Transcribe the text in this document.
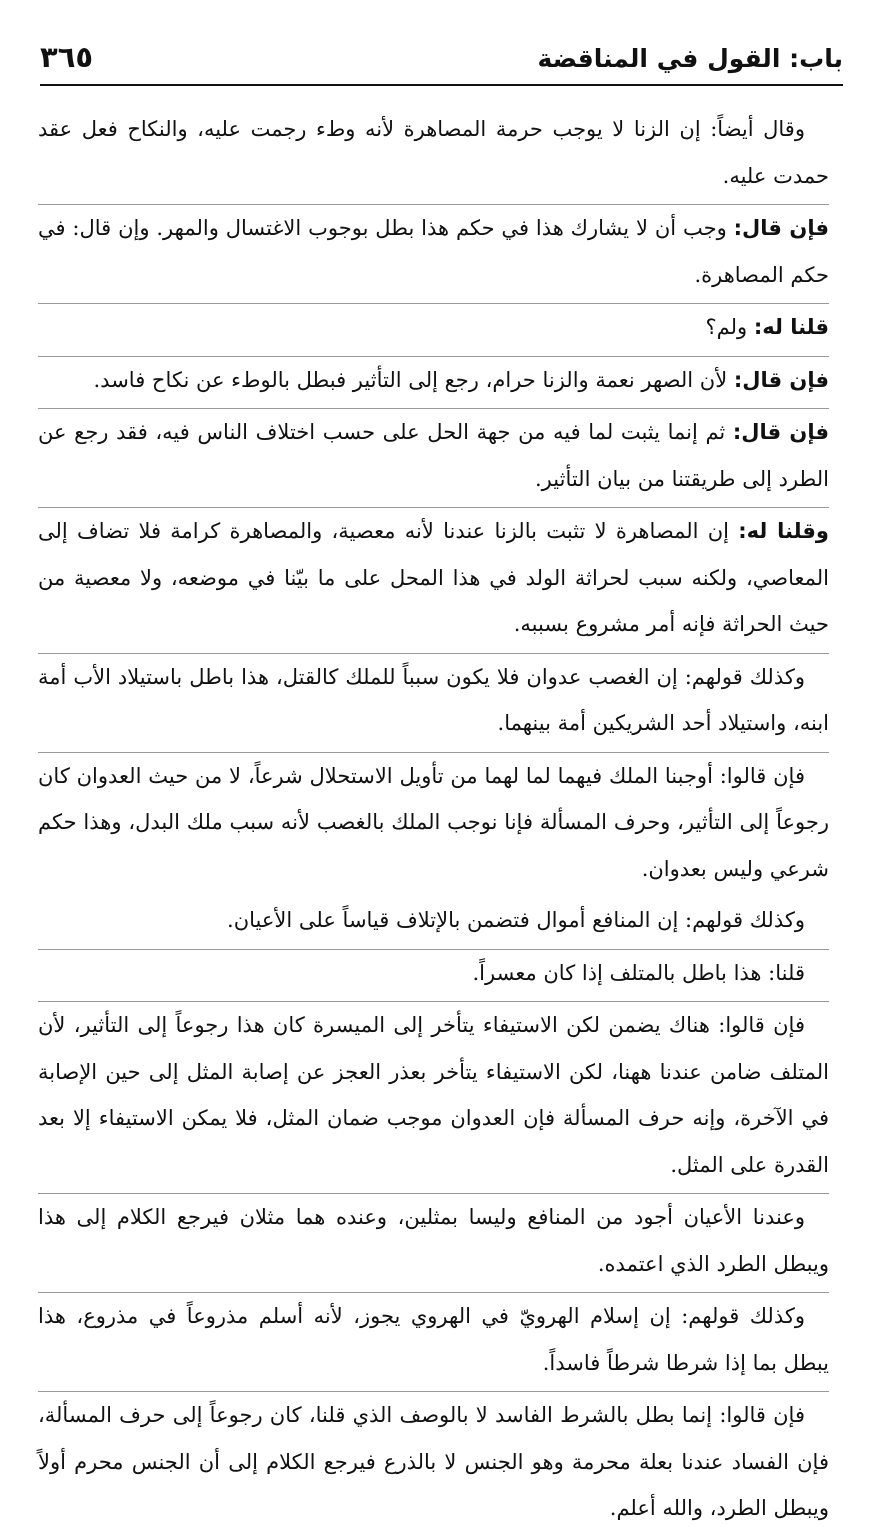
باب: القول في المناقضة
٣٦٥

وقال أيضاً: إن الزنا لا يوجب حرمة المصاهرة لأنه وطء رجمت عليه، والنكاح فعل عقد حمدت عليه.

فإن قال: وجب أن لا يشارك هذا في حكم هذا بطل بوجوب الاغتسال والمهر. وإن قال: في حكم المصاهرة.

قلنا له: ولم؟

فإن قال: لأن الصهر نعمة والزنا حرام، رجع إلى التأثير فبطل بالوطء عن نكاح فاسد.

فإن قال: ثم إنما يثبت لما فيه من جهة الحل على حسب اختلاف الناس فيه، فقد رجع عن الطرد إلى طريقتنا من بيان التأثير.

وقلنا له: إن المصاهرة لا تثبت بالزنا عندنا لأنه معصية، والمصاهرة كرامة فلا تضاف إلى المعاصي، ولكنه سبب لحراثة الولد في هذا المحل على ما بيّنا في موضعه، ولا معصية من حيث الحراثة فإنه أمر مشروع بسببه.

وكذلك قولهم: إن الغصب عدوان فلا يكون سبباً للملك كالقتل، هذا باطل باستيلاد الأب أمة ابنه، واستيلاد أحد الشريكين أمة بينهما.

فإن قالوا: أوجبنا الملك فيهما لما لهما من تأويل الاستحلال شرعاً، لا من حيث العدوان كان رجوعاً إلى التأثير، وحرف المسألة فإنا نوجب الملك بالغصب لأنه سبب ملك البدل، وهذا حكم شرعي وليس بعدوان.

وكذلك قولهم: إن المنافع أموال فتضمن بالإتلاف قياساً على الأعيان.

قلنا: هذا باطل بالمتلف إذا كان معسراً.

فإن قالوا: هناك يضمن لكن الاستيفاء يتأخر إلى الميسرة كان هذا رجوعاً إلى التأثير، لأن المتلف ضامن عندنا ههنا، لكن الاستيفاء يتأخر بعذر العجز عن إصابة المثل إلى حين الإصابة في الآخرة، وإنه حرف المسألة فإن العدوان موجب ضمان المثل، فلا يمكن الاستيفاء إلا بعد القدرة على المثل.

وعندنا الأعيان أجود من المنافع وليسا بمثلين، وعنده هما مثلان فيرجع الكلام إلى هذا ويبطل الطرد الذي اعتمده.

وكذلك قولهم: إن إسلام الهرويّ في الهروي يجوز، لأنه أسلم مذروعاً في مذروع، هذا يبطل بما إذا شرطا شرطاً فاسداً.

فإن قالوا: إنما بطل بالشرط الفاسد لا بالوصف الذي قلنا، كان رجوعاً إلى حرف المسألة، فإن الفساد عندنا بعلة محرمة وهو الجنس لا بالذرع فيرجع الكلام إلى أن الجنس محرم أولاً ويبطل الطرد، والله أعلم.
